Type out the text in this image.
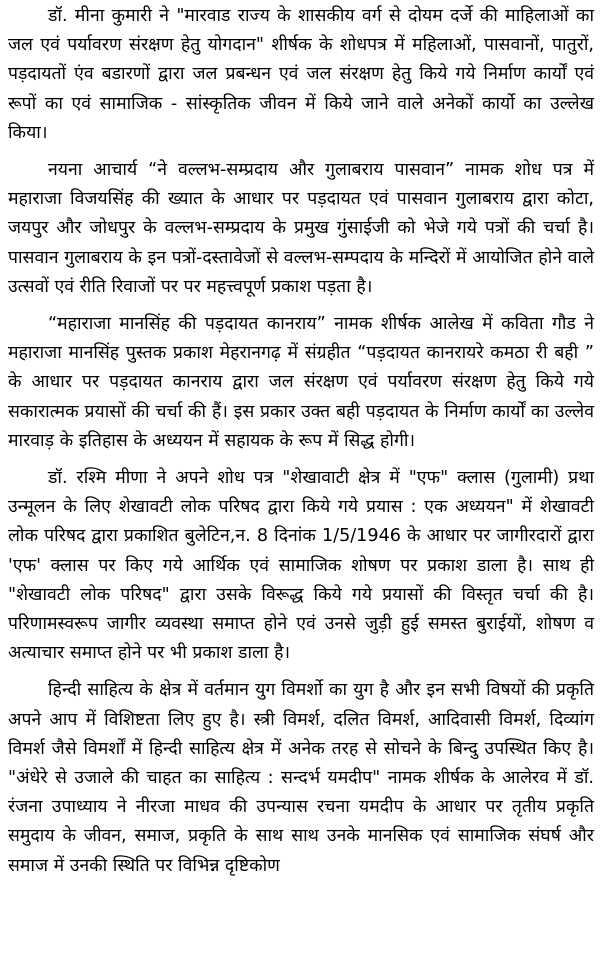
डॉ. मीना कुमारी ने "मारवाड राज्य के शासकीय वर्ग से दोयम दर्जे की माहिलाओं का जल एवं पर्यावरण संरक्षण हेतु योगदान" शीर्षक के शोधपत्र में महिलाओं, पासवानों, पातुरों, पड़दायतों एंव बडारणों द्वारा जल प्रबन्धन एवं जल संरक्षण हेतु किये गये निर्माण कार्यों एवं रूपों का एवं सामाजिक - सांस्कृतिक जीवन में किये जाने वाले अनेकों कार्यो का उल्लेख किया।

नयना आचार्य “ने वल्लभ-सम्प्रदाय और गुलाबराय पासवान” नामक शोध पत्र में महाराजा विजयसिंह की ख्यात के आधार पर पड़दायत एवं पासवान गुलाबराय द्वारा कोटा, जयपुर और जोधपुर के वल्लभ-सम्प्रदाय के प्रमुख गुंसाईजी को भेजे गये पत्रों की चर्चा है। पासवान गुलाबराय के इन पत्रों-दस्तावेजों से वल्लभ-सम्पदाय के मन्दिरों में आयोजित होने वाले उत्सवों एवं रीति रिवाजों पर पर महत्त्वपूर्ण प्रकाश पड़ता है।

“महाराजा मानसिंह की पड़दायत कानराय” नामक शीर्षक आलेख में कविता गौड ने महाराजा मानसिंह पुस्तक प्रकाश मेहरानगढ़ में संग्रहीत “पड़दायत कानरायरे कमठा री बही ” के आधार पर पड़दायत कानराय द्वारा जल संरक्षण एवं पर्यावरण संरक्षण हेतु किये गये सकारात्मक प्रयासों की चर्चा की हैं। इस प्रकार उक्त बही पड़दायत के निर्माण कार्यों का उल्लेव मारवाड़ के इतिहास के अध्ययन में सहायक के रूप में सिद्ध होगी।

डॉ. रश्मि मीणा ने अपने शोध पत्र "शेखावाटी क्षेत्र में "एफ" क्लास (गुलामी) प्रथा उन्मूलन के लिए शेखावटी लोक परिषद द्वारा किये गये प्रयास : एक अध्ययन" में शेखावटी लोक परिषद द्वारा प्रकाशित बुलेटिन,न. 8 दिनांक 1/5/1946 के आधार पर जागीरदारों द्वारा 'एफ' क्लास पर किए गये आर्थिक एवं सामाजिक शोषण पर प्रकाश डाला है। साथ ही "शेखावटी लोक परिषद" द्वारा उसके विरूद्ध किये गये प्रयासों की विस्तृत चर्चा की है। परिणामस्वरूप जागीर व्यवस्था समाप्त होने एवं उनसे जुड़ी हुई समस्त बुराईयों, शोषण व अत्याचार समाप्त होने पर भी प्रकाश डाला है।

हिन्दी साहित्य के क्षेत्र में वर्तमान युग विमर्शो का युग है और इन सभी विषयों की प्रकृति अपने आप में विशिष्टता लिए हुए है। स्त्री विमर्श, दलित विमर्श, आदिवासी विमर्श, दिव्यांग विमर्श जैसे विमर्शों में हिन्दी साहित्य क्षेत्र में अनेक तरह से सोचने के बिन्दु उपस्थित किए है। "अंधेरे से उजाले की चाहत का साहित्य : सन्दर्भ यमदीप" नामक शीर्षक के आलेरव में डॉ. रंजना उपाध्याय ने नीरजा माधव की उपन्यास रचना यमदीप के आधार पर तृतीय प्रकृति समुदाय के जीवन, समाज, प्रकृति के साथ साथ उनके मानसिक एवं सामाजिक संघर्ष और समाज में उनकी स्थिति पर विभिन्न दृष्टिकोण
